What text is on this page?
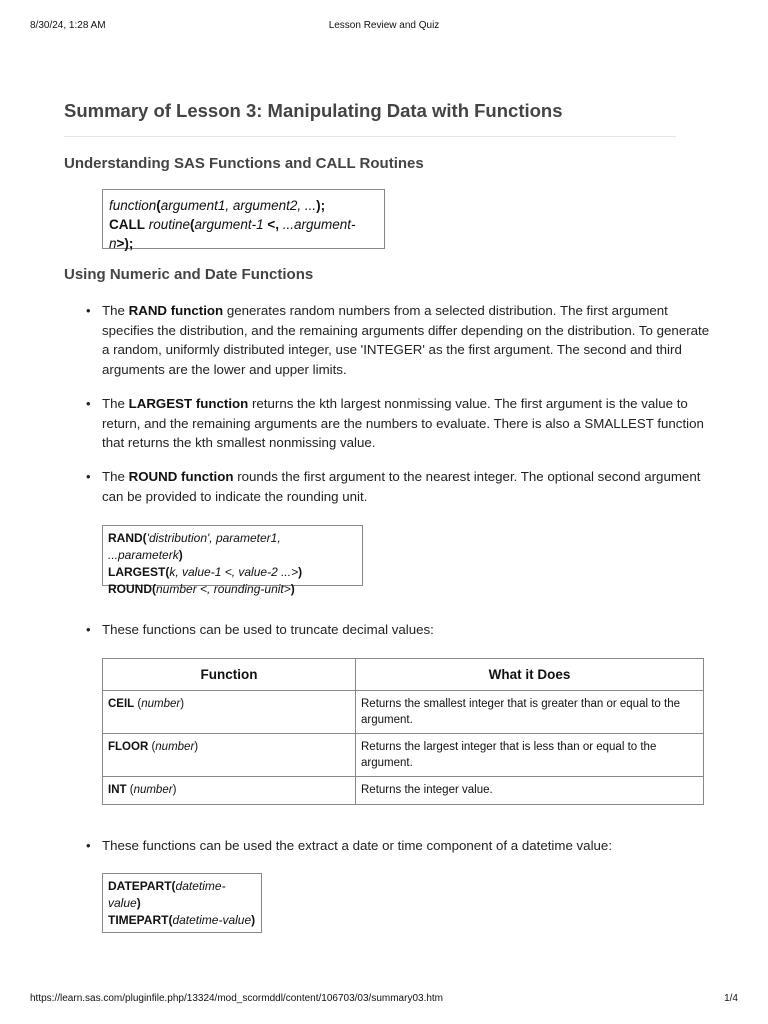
8/30/24, 1:28 AM	Lesson Review and Quiz
Summary of Lesson 3: Manipulating Data with Functions
Understanding SAS Functions and CALL Routines
function(argument1, argument2, ...);
CALL routine(argument-1 <, ...argument-n>);
Using Numeric and Date Functions
• The RAND function generates random numbers from a selected distribution. The first argument specifies the distribution, and the remaining arguments differ depending on the distribution. To generate a random, uniformly distributed integer, use 'INTEGER' as the first argument. The second and third arguments are the lower and upper limits.
• The LARGEST function returns the kth largest nonmissing value. The first argument is the value to return, and the remaining arguments are the numbers to evaluate. There is also a SMALLEST function that returns the kth smallest nonmissing value.
• The ROUND function rounds the first argument to the nearest integer. The optional second argument can be provided to indicate the rounding unit.
RAND('distribution', parameter1, ...parameterk)
LARGEST(k, value-1 <, value-2 ...>)
ROUND(number <, rounding-unit>)
• These functions can be used to truncate decimal values:
Function	What it Does
CEIL (number)	Returns the smallest integer that is greater than or equal to the argument.
FLOOR (number)	Returns the largest integer that is less than or equal to the argument.
INT (number)	Returns the integer value.
• These functions can be used the extract a date or time component of a datetime value:
DATEPART(datetime-value)
TIMEPART(datetime-value)
https://learn.sas.com/pluginfile.php/13324/mod_scormddl/content/106703/03/summary03.htm	1/4
